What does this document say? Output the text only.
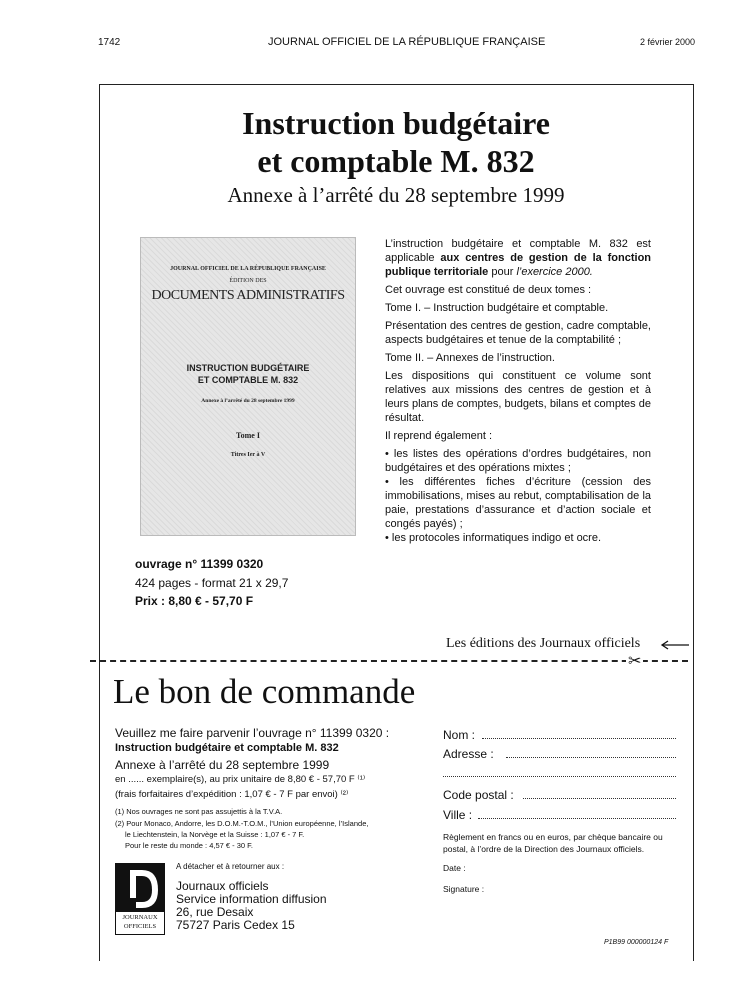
1742	JOURNAL OFFICIEL DE LA RÉPUBLIQUE FRANÇAISE	2 février 2000
Instruction budgétaire
et comptable M. 832
Annexe à l’arrêté du 28 septembre 1999
JOURNAL OFFICIEL DE LA RÉPUBLIQUE FRANÇAISE
ÉDITION DES
DOCUMENTS ADMINISTRATIFS
INSTRUCTION BUDGÉTAIRE
ET COMPTABLE M. 832
Annexe à l’arrêté du 28 septembre 1999
Tome I
Titres Ier à V
ouvrage n° 11399 0320
424 pages - format 21 x 29,7
Prix : 8,80 € - 57,70 F

L’instruction budgétaire et comptable M. 832 est applicable aux centres de gestion de la fonction publique territoriale pour l’exercice 2000.

Cet ouvrage est constitué de deux tomes :

Tome I. – Instruction budgétaire et comptable.

Présentation des centres de gestion, cadre comptable, aspects budgétaires et tenue de la comptabilité ;

Tome II. – Annexes de l’instruction.

Les dispositions qui constituent ce volume sont relatives aux missions des centres de gestion et à leurs plans de comptes, budgets, bilans et comptes de résultat.

Il reprend également :

• les listes des opérations d’ordres budgétaires, non budgétaires et des opérations mixtes ;

• les différentes fiches d’écriture (cession des immobilisations, mises au rebut, comptabilisation de la paie, prestations d’assurance et d’action sociale et congés payés) ;

• les protocoles informatiques indigo et ocre.

Les éditions des Journaux officiels
✂
Le bon de commande
Veuillez me faire parvenir l’ouvrage n° 11399 0320 :
Instruction budgétaire et comptable M. 832
Annexe à l’arrêté du 28 septembre 1999
en ...... exemplaire(s), au prix unitaire de 8,80 € - 57,70 F ⁽¹⁾
(frais forfaitaires d’expédition : 1,07 € - 7 F par envoi) ⁽²⁾
(1) Nos ouvrages ne sont pas assujettis à la T.V.A.
(2) Pour Monaco, Andorre, les D.O.M.-T.O.M., l’Union européenne, l’Islande,
le Liechtenstein, la Norvège et la Suisse : 1,07 € - 7 F.
Pour le reste du monde : 4,57 € - 30 F.
A détacher et à retourner aux :
Journaux officiels
Service information diffusion
26, rue Desaix
75727 Paris Cedex 15
JOURNAUX
OFFICIELS
Nom :
Adresse :
Code postal :
Ville :
Règlement en francs ou en euros, par chèque bancaire ou postal, à l’ordre de la Direction des Journaux officiels.
Date :
Signature :
P1B99 000000124 F
